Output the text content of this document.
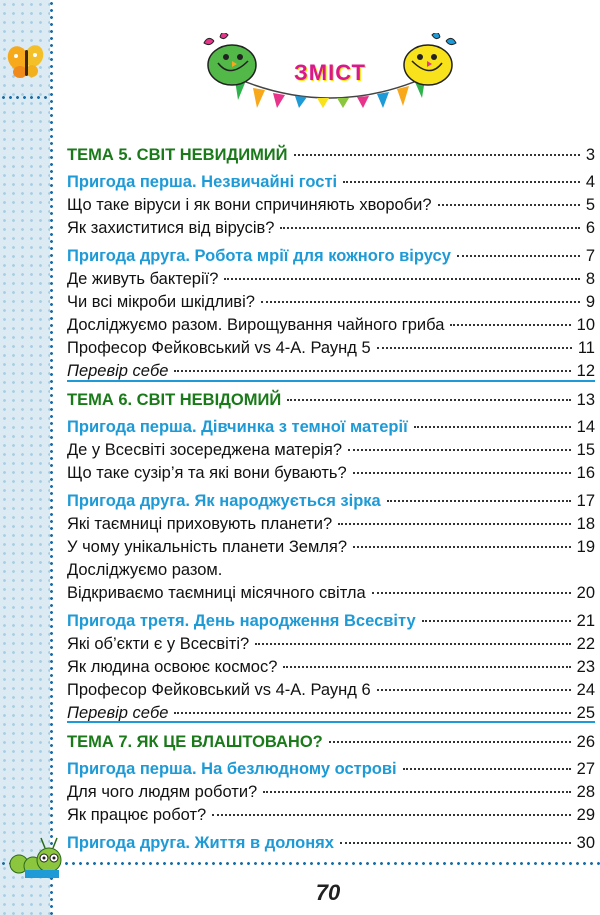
ЗМІСТ
70
ТЕМА 5. СВІТ НЕВИДИМИЙ	3
Пригода перша. Незвичайні гості	4
Що таке віруси і як вони спричиняють хвороби?	5
Як захиститися від вірусів?	6
Пригода друга. Робота мрії для кожного вірусу	7
Де живуть бактерії?	8
Чи всі мікроби шкідливі?	9
Досліджуємо разом. Вирощування чайного гриба	10
Професор Фейковський vs 4-А. Раунд 5	11
Перевір себе	12
ТЕМА 6. СВІТ НЕВІДОМИЙ	13
Пригода перша. Дівчинка з темної матерії	14
Де у Всесвіті зосереджена матерія?	15
Що таке сузір’я та які вони бувають?	16
Пригода друга. Як народжується зірка	17
Які таємниці приховують планети?	18
У чому унікальність планети Земля?	19
Досліджуємо разом.
Відкриваємо таємниці місячного світла	20
Пригода третя. День народження Всесвіту	21
Які об’єкти є у Всесвіті?	22
Як людина освоює космос?	23
Професор Фейковський vs 4-А. Раунд 6	24
Перевір себе	25
ТЕМА 7. ЯК ЦЕ ВЛАШТОВАНО?	26
Пригода перша. На безлюдному острові	27
Для чого людям роботи?	28
Як працює робот?	29
Пригода друга. Життя в долонях	30
